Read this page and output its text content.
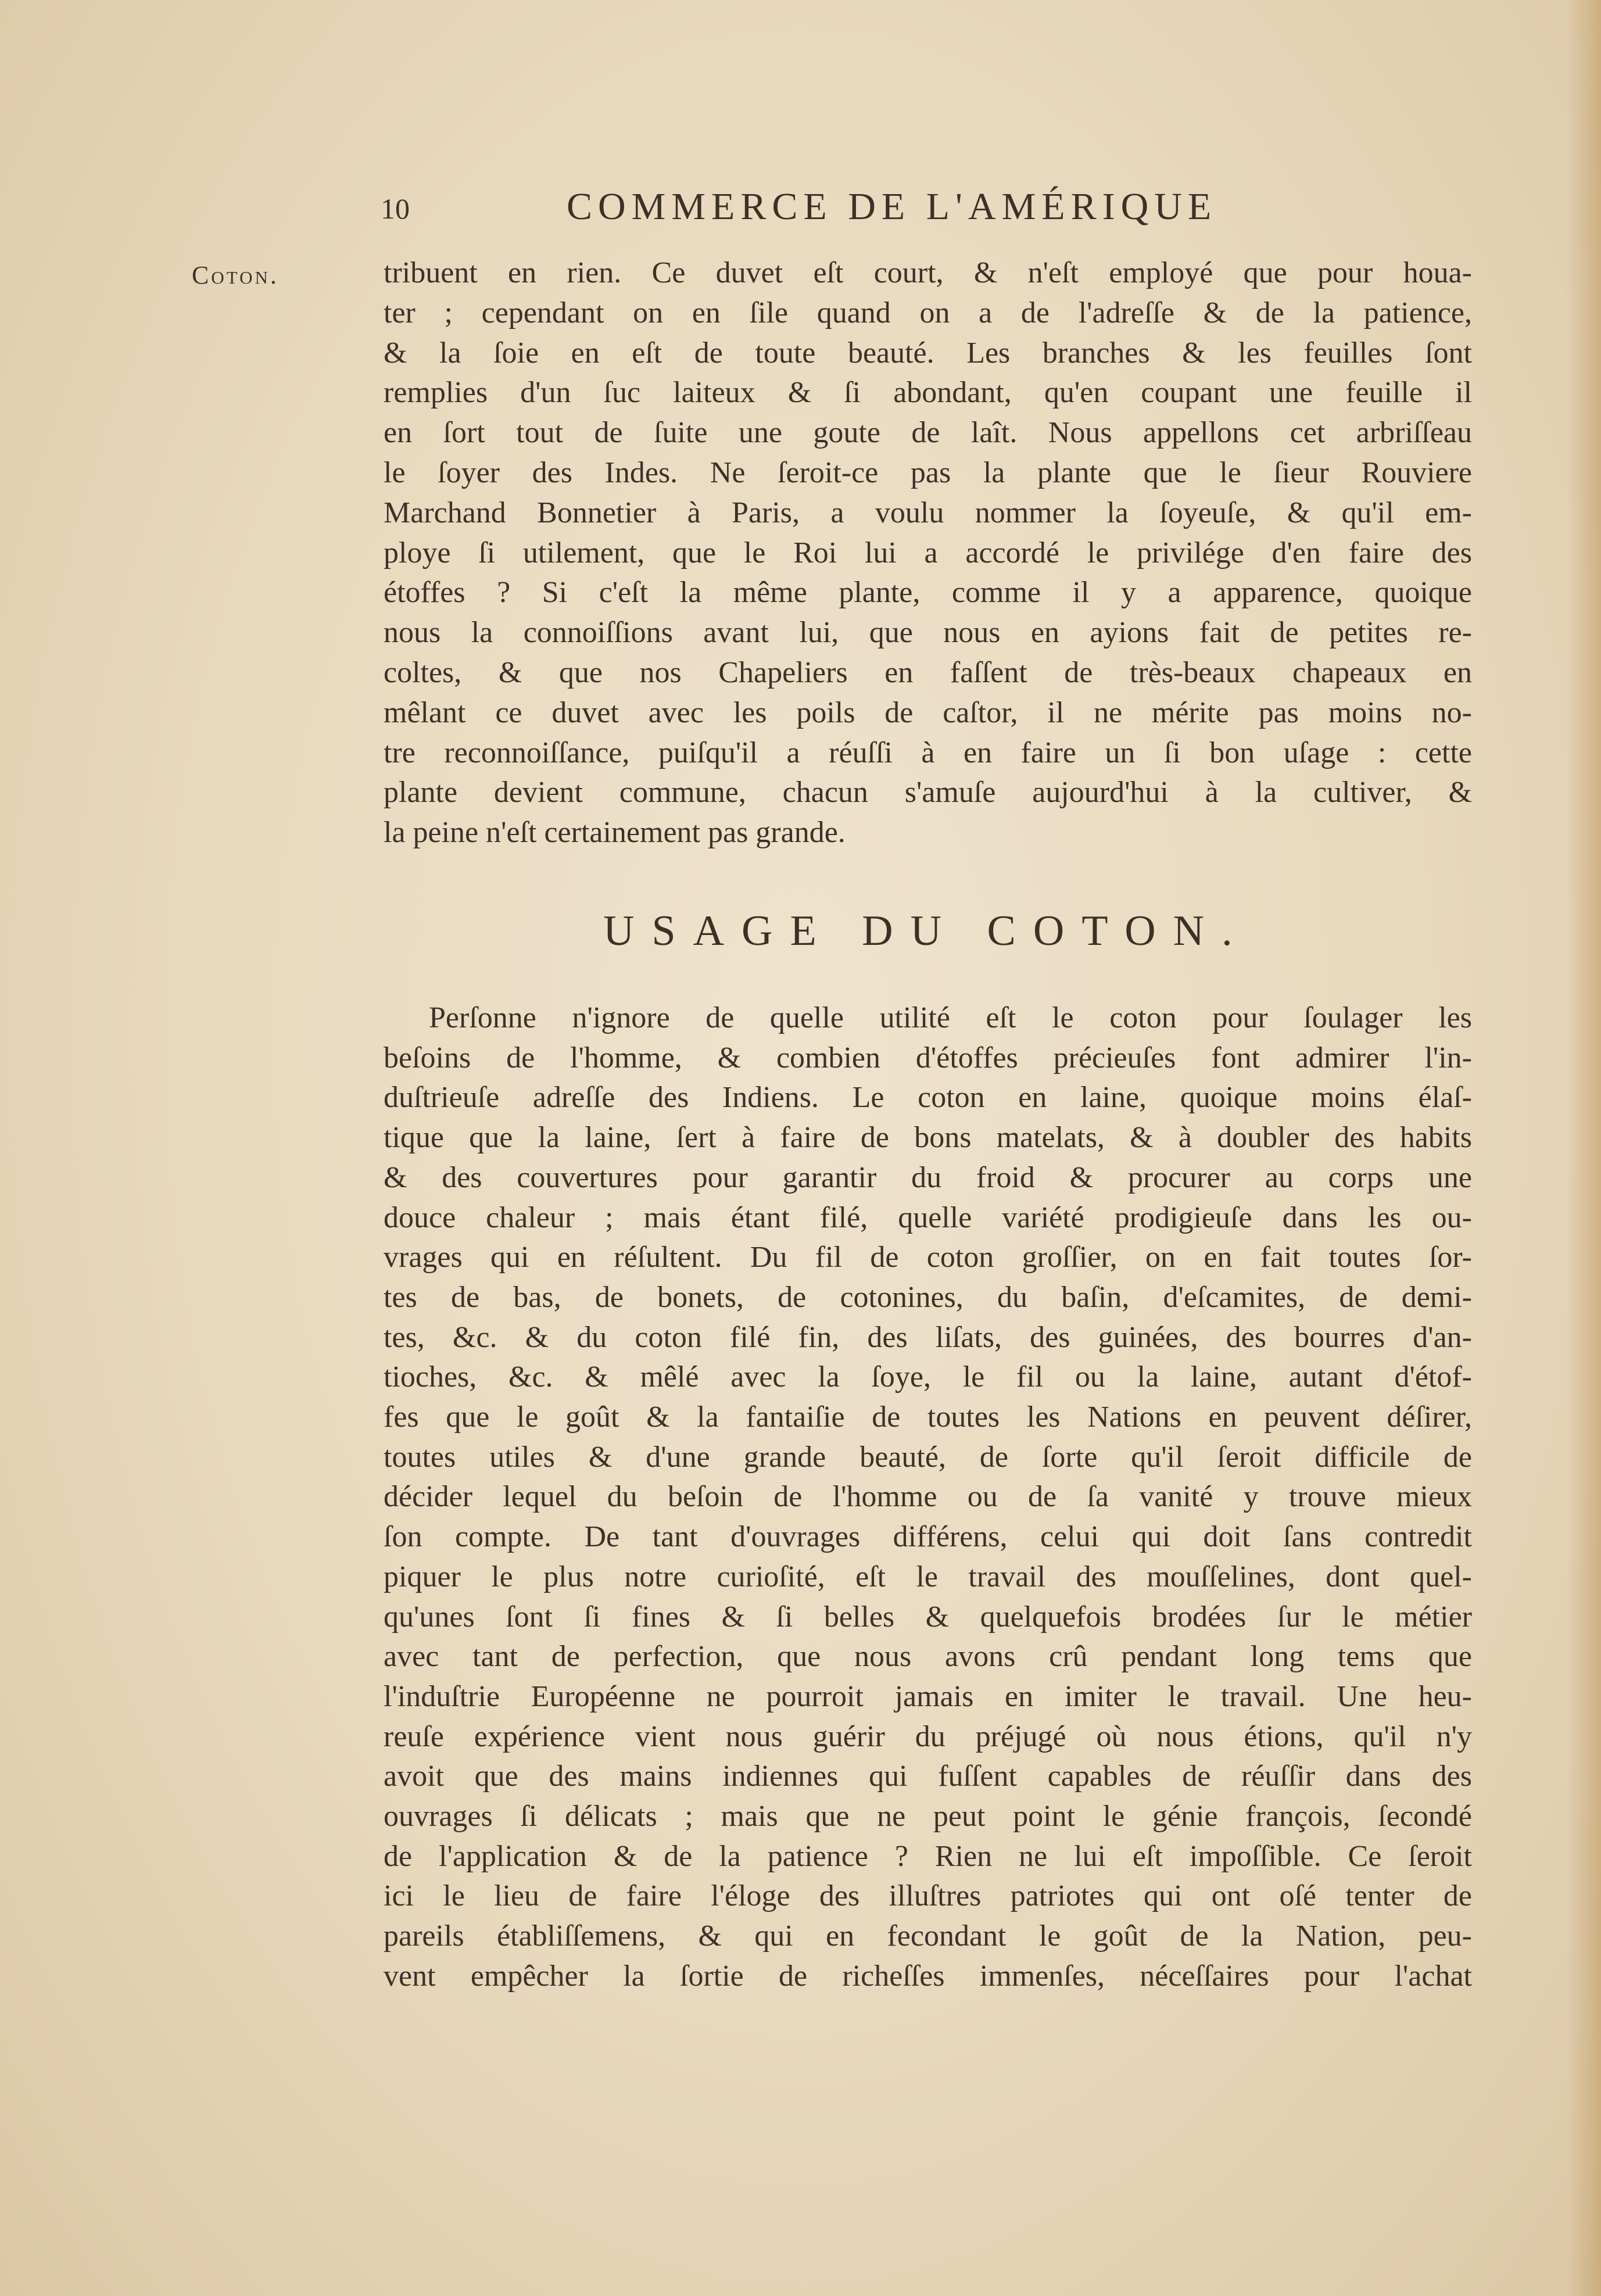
10	COMMERCE DE L'AMÉRIQUE
Coton.	tribuent en rien. Ce duvet eſt court, & n'eſt employé que pour houa-
ter ; cependant on en ſile quand on a de l'adreſſe & de la patience,
& la ſoie en eſt de toute beauté. Les branches & les feuilles ſont
remplies d'un ſuc laiteux & ſi abondant, qu'en coupant une feuille il
en ſort tout de ſuite une goute de laît. Nous appellons cet arbriſſeau
le ſoyer des Indes. Ne ſeroit-ce pas la plante que le ſieur Rouviere
Marchand Bonnetier à Paris, a voulu nommer la ſoyeuſe, & qu'il em-
ploye ſi utilement, que le Roi lui a accordé le privilége d'en faire des
étoffes ? Si c'eſt la même plante, comme il y a apparence, quoique
nous la connoiſſions avant lui, que nous en ayions fait de petites re-
coltes, & que nos Chapeliers en faſſent de très-beaux chapeaux en
mêlant ce duvet avec les poils de caſtor, il ne mérite pas moins no-
tre reconnoiſſance, puiſqu'il a réuſſi à en faire un ſi bon uſage : cette
plante devient commune, chacun s'amuſe aujourd'hui à la cultiver, &
la peine n'eſt certainement pas grande.
USAGE DU COTON.
Perſonne n'ignore de quelle utilité eſt le coton pour ſoulager les
beſoins de l'homme, & combien d'étoffes précieuſes font admirer l'in-
duſtrieuſe adreſſe des Indiens. Le coton en laine, quoique moins élaſ-
tique que la laine, ſert à faire de bons matelats, & à doubler des habits
& des couvertures pour garantir du froid & procurer au corps une
douce chaleur ; mais étant filé, quelle variété prodigieuſe dans les ou-
vrages qui en réſultent. Du fil de coton groſſier, on en fait toutes ſor-
tes de bas, de bonets, de cotonines, du baſin, d'eſcamites, de demi-
tes, &c. & du coton filé fin, des liſats, des guinées, des bourres d'an-
tioches, &c. & mêlé avec la ſoye, le fil ou la laine, autant d'étof-
fes que le goût & la fantaiſie de toutes les Nations en peuvent déſirer,
toutes utiles & d'une grande beauté, de ſorte qu'il ſeroit difficile de
décider lequel du beſoin de l'homme ou de ſa vanité y trouve mieux
ſon compte. De tant d'ouvrages différens, celui qui doit ſans contredit
piquer le plus notre curioſité, eſt le travail des mouſſelines, dont quel-
qu'unes ſont ſi fines & ſi belles & quelquefois brodées ſur le métier
avec tant de perfection, que nous avons crû pendant long tems que
l'induſtrie Européenne ne pourroit jamais en imiter le travail. Une heu-
reuſe expérience vient nous guérir du préjugé où nous étions, qu'il n'y
avoit que des mains indiennes qui fuſſent capables de réuſſir dans des
ouvrages ſi délicats ; mais que ne peut point le génie françois, ſecondé
de l'application & de la patience ? Rien ne lui eſt impoſſible. Ce ſeroit
ici le lieu de faire l'éloge des illuſtres patriotes qui ont oſé tenter de
pareils établiſſemens, & qui en fecondant le goût de la Nation, peu-
vent empêcher la ſortie de richeſſes immenſes, néceſſaires pour l'achat
